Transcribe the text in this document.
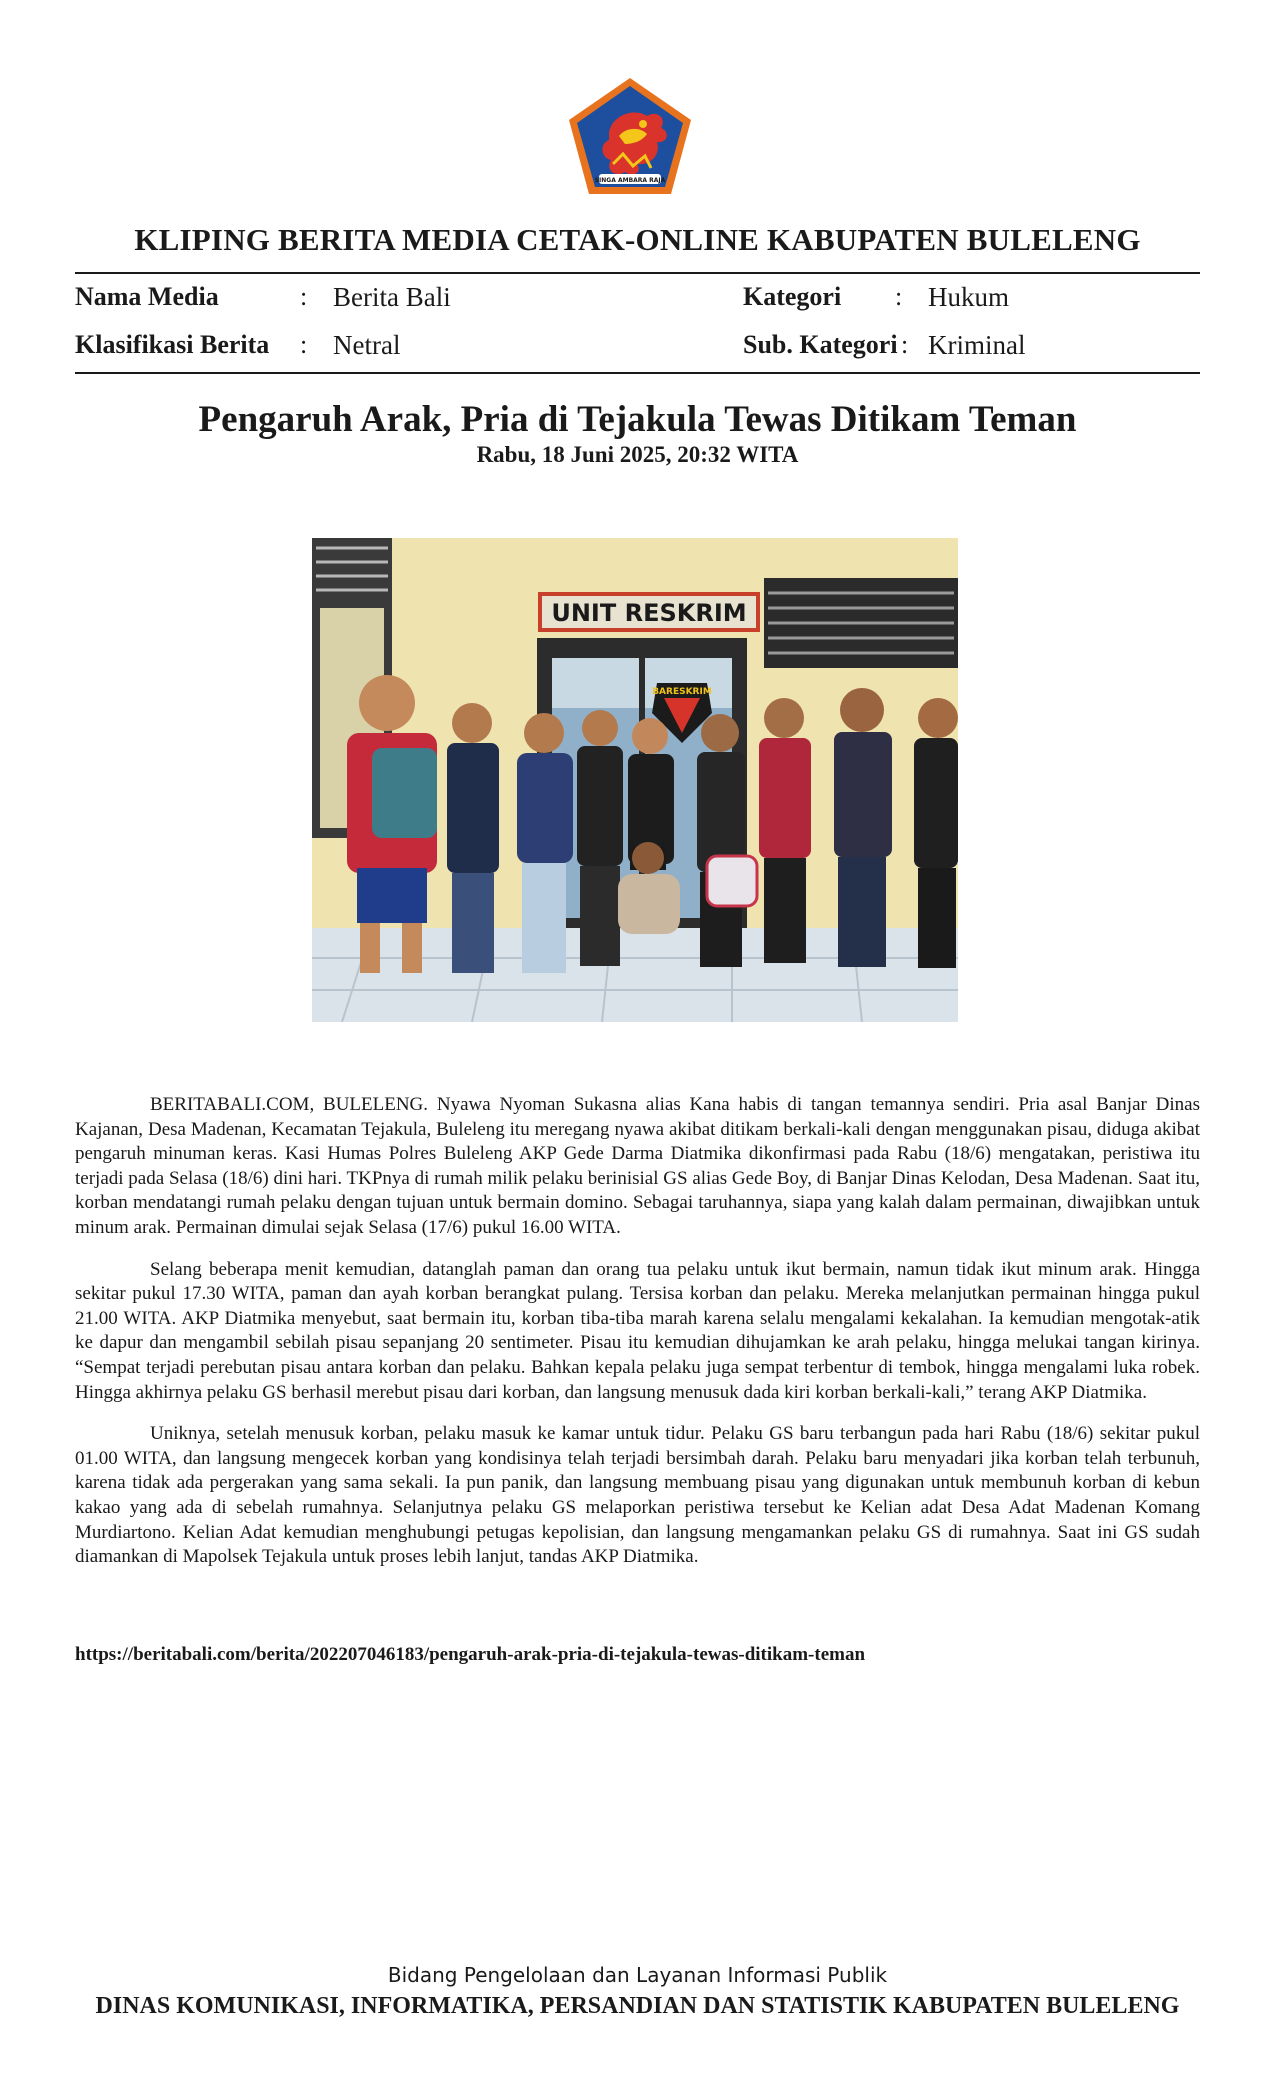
SINGA AMBARA RAJA
KLIPING BERITA MEDIA CETAK-ONLINE KABUPATEN BULELENG
Nama Media	: Berita Bali
Klasifikasi Berita : Netral
Kategori : Hukum
Sub. Kategori : Kriminal
Pengaruh Arak, Pria di Tejakula Tewas Ditikam Teman
Rabu, 18 Juni 2025, 20:32 WITA
BARESKRIM
UNIT RESKRIM

BERITABALI.COM, BULELENG. Nyawa Nyoman Sukasna alias Kana habis di tangan temannya sendiri. Pria asal Banjar Dinas Kajanan, Desa Madenan, Kecamatan Tejakula, Buleleng itu meregang nyawa akibat ditikam berkali-kali dengan menggunakan pisau, diduga akibat pengaruh minuman keras. Kasi Humas Polres Buleleng AKP Gede Darma Diatmika dikonfirmasi pada Rabu (18/6) mengatakan, peristiwa itu terjadi pada Selasa (18/6) dini hari. TKPnya di rumah milik pelaku berinisial GS alias Gede Boy, di Banjar Dinas Kelodan, Desa Madenan. Saat itu, korban mendatangi rumah pelaku dengan tujuan untuk bermain domino. Sebagai taruhannya, siapa yang kalah dalam permainan, diwajibkan untuk minum arak. Permainan dimulai sejak Selasa (17/6) pukul 16.00 WITA.

Selang beberapa menit kemudian, datanglah paman dan orang tua pelaku untuk ikut bermain, namun tidak ikut minum arak. Hingga sekitar pukul 17.30 WITA, paman dan ayah korban berangkat pulang. Tersisa korban dan pelaku. Mereka melanjutkan permainan hingga pukul 21.00 WITA. AKP Diatmika menyebut, saat bermain itu, korban tiba-tiba marah karena selalu mengalami kekalahan. Ia kemudian mengotak-atik ke dapur dan mengambil sebilah pisau sepanjang 20 sentimeter. Pisau itu kemudian dihujamkan ke arah pelaku, hingga melukai tangan kirinya. “Sempat terjadi perebutan pisau antara korban dan pelaku. Bahkan kepala pelaku juga sempat terbentur di tembok, hingga mengalami luka robek. Hingga akhirnya pelaku GS berhasil merebut pisau dari korban, dan langsung menusuk dada kiri korban berkali-kali,” terang AKP Diatmika.

Uniknya, setelah menusuk korban, pelaku masuk ke kamar untuk tidur. Pelaku GS baru terbangun pada hari Rabu (18/6) sekitar pukul 01.00 WITA, dan langsung mengecek korban yang kondisinya telah terjadi bersimbah darah. Pelaku baru menyadari jika korban telah terbunuh, karena tidak ada pergerakan yang sama sekali. Ia pun panik, dan langsung membuang pisau yang digunakan untuk membunuh korban di kebun kakao yang ada di sebelah rumahnya. Selanjutnya pelaku GS melaporkan peristiwa tersebut ke Kelian adat Desa Adat Madenan Komang Murdiartono. Kelian Adat kemudian menghubungi petugas kepolisian, dan langsung mengamankan pelaku GS di rumahnya. Saat ini GS sudah diamankan di Mapolsek Tejakula untuk proses lebih lanjut, tandas AKP Diatmika.

https://beritabali.com/berita/202207046183/pengaruh-arak-pria-di-tejakula-tewas-ditikam-teman
Bidang Pengelolaan dan Layanan Informasi Publik
DINAS KOMUNIKASI, INFORMATIKA, PERSANDIAN DAN STATISTIK KABUPATEN BULELENG
